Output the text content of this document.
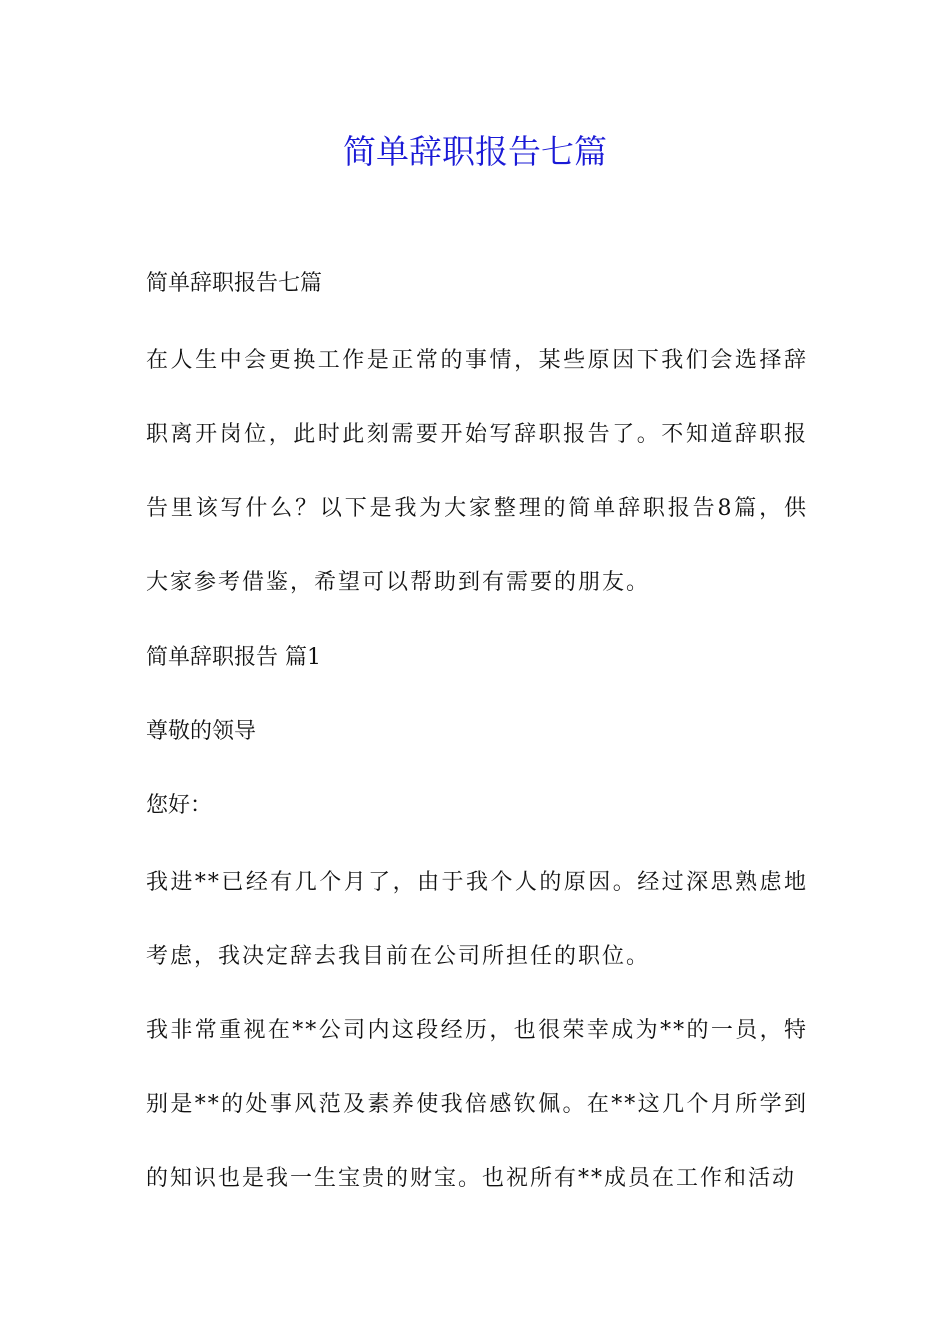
简单辞职报告七篇

简单辞职报告七篇

在人生中会更换工作是正常的事情，某些原因下我们会选择辞职离开岗位，此时此刻需要开始写辞职报告了。不知道辞职报告里该写什么？以下是我为大家整理的简单辞职报告8篇，供大家参考借鉴，希望可以帮助到有需要的朋友。

简单辞职报告 篇1

尊敬的领导

您好：

我进**已经有几个月了，由于我个人的原因。经过深思熟虑地考虑，我决定辞去我目前在公司所担任的职位。

我非常重视在**公司内这段经历，也很荣幸成为**的一员，特别是**的处事风范及素养使我倍感钦佩。在**这几个月所学到的知识也是我一生宝贵的财宝。也祝所有**成员在工作和活动
